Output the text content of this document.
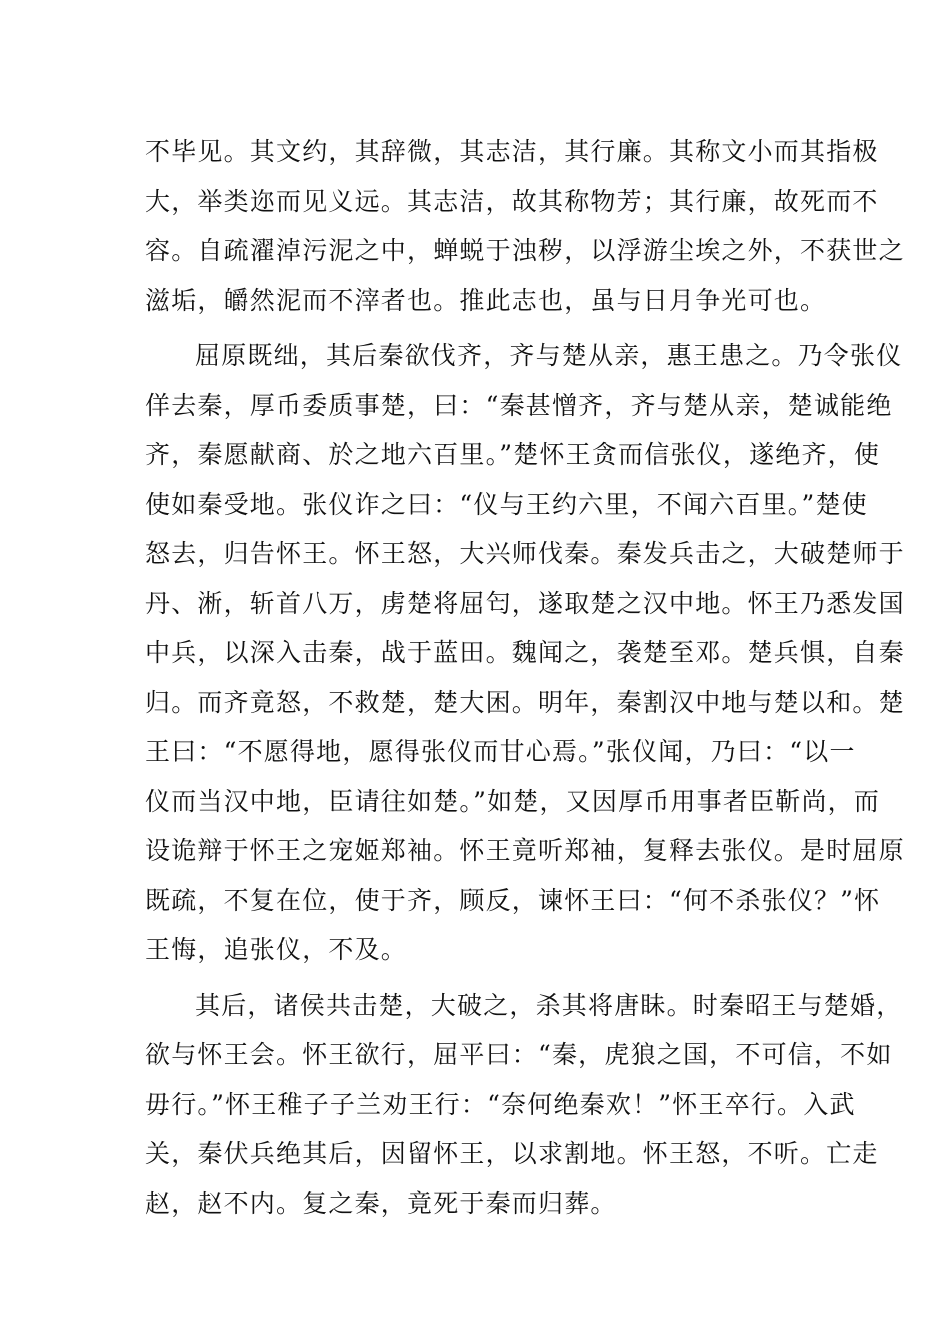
不毕见。其文约，其辞微，其志洁，其行廉。其称文小而其指极
大，举类迩而见义远。其志洁，故其称物芳；其行廉，故死而不
容。自疏濯淖污泥之中，蝉蜕于浊秽，以浮游尘埃之外，不获世之
滋垢，皭然泥而不滓者也。推此志也，虽与日月争光可也。
屈原既绌，其后秦欲伐齐，齐与楚从亲，惠王患之。乃令张仪
佯去秦，厚币委质事楚，曰：“秦甚憎齐，齐与楚从亲，楚诚能绝
齐，秦愿献商、於之地六百里。”楚怀王贪而信张仪，遂绝齐，使
使如秦受地。张仪诈之曰：“仪与王约六里，不闻六百里。”楚使
怒去，归告怀王。怀王怒，大兴师伐秦。秦发兵击之，大破楚师于
丹、淅，斩首八万，虏楚将屈匄，遂取楚之汉中地。怀王乃悉发国
中兵，以深入击秦，战于蓝田。魏闻之，袭楚至邓。楚兵惧，自秦
归。而齐竟怒，不救楚，楚大困。明年，秦割汉中地与楚以和。楚
王曰：“不愿得地，愿得张仪而甘心焉。”张仪闻，乃曰：“以一
仪而当汉中地，臣请往如楚。”如楚，又因厚币用事者臣靳尚，而
设诡辩于怀王之宠姬郑袖。怀王竟听郑袖，复释去张仪。是时屈原
既疏，不复在位，使于齐，顾反，谏怀王曰：“何不杀张仪？”怀
王悔，追张仪，不及。
其后，诸侯共击楚，大破之，杀其将唐眛。时秦昭王与楚婚，
欲与怀王会。怀王欲行，屈平曰：“秦，虎狼之国，不可信，不如
毋行。”怀王稚子子兰劝王行：“奈何绝秦欢！”怀王卒行。入武
关，秦伏兵绝其后，因留怀王，以求割地。怀王怒，不听。亡走
赵，赵不内。复之秦，竟死于秦而归葬。
